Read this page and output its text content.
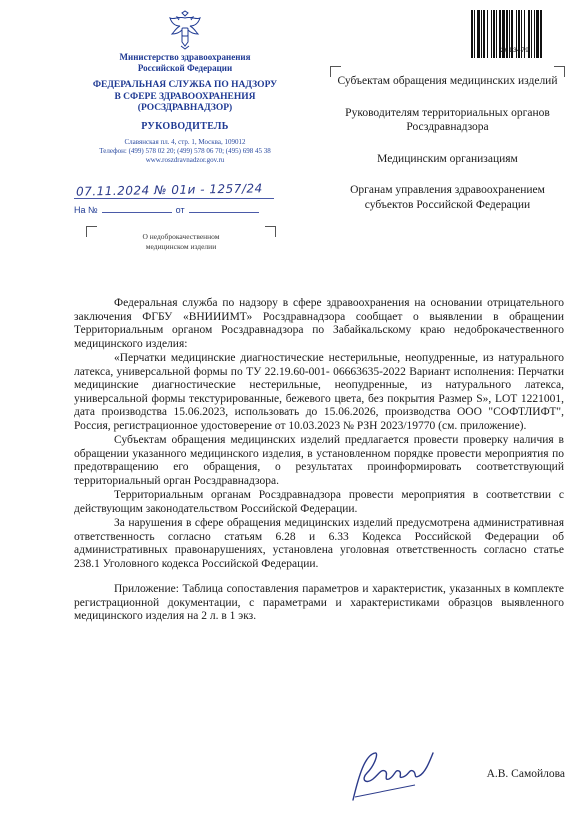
Министерство здравоохранения
Российской Федерации
ФЕДЕРАЛЬНАЯ СЛУЖБА ПО НАДЗОРУ
В СФЕРЕ ЗДРАВООХРАНЕНИЯ
(РОСЗДРАВНАДЗОР)
РУКОВОДИТЕЛЬ
Славянская пл. 4, стр. 1, Москва, 109012
Телефон: (499) 578 02 20; (499) 578 06 70; (495) 698 45 38
www.roszdravnadzor.gov.ru
07.11.2024 № 01и - 1257/24
На №	от
О недоброкачественном
медицинском изделии
2613479
Субъектам обращения медицинских изделий
Руководителям территориальных органов Росздравнадзора
Медицинским организациям
Органам управления здравоохранением субъектов Российской Федерации

Федеральная служба по надзору в сфере здравоохранения на основании отрицательного заключения ФГБУ «ВНИИИМТ» Росздравнадзора сообщает о выявлении в обращении Территориальным органом Росздравнадзора по Забайкальскому краю недоброкачественного медицинского изделия:

«Перчатки медицинские диагностические нестерильные, неопудренные, из натурального латекса, универсальной формы по ТУ 22.19.60-001- 06663635-2022 Вариант исполнения: Перчатки медицинские диагностические нестерильные, неопудренные, из натурального латекса, универсальной формы текстурированные, бежевого цвета, без покрытия Размер S», LOT 1221001, дата производства 15.06.2023, использовать до 15.06.2026, производства ООО "СОФТЛИФТ", Россия, регистрационное удостоверение от 10.03.2023 № РЗН 2023/19770 (см. приложение).

Субъектам обращения медицинских изделий предлагается провести проверку наличия в обращении указанного медицинского изделия, в установленном порядке провести мероприятия по предотвращению его обращения, о результатах проинформировать соответствующий территориальный орган Росздравнадзора.

Территориальным органам Росздравнадзора провести мероприятия в соответствии с действующим законодательством Российской Федерации.

За нарушения в сфере обращения медицинских изделий предусмотрена административная ответственность согласно статьям 6.28 и 6.33 Кодекса Российской Федерации об административных правонарушениях, установлена уголовная ответственность согласно статье 238.1 Уголовного кодекса Российской Федерации.

Приложение: Таблица сопоставления параметров и характеристик, указанных в комплекте регистрационной документации, с параметрами и характеристиками образцов выявленного медицинского изделия на 2 л. в 1 экз.

А.В. Самойлова
